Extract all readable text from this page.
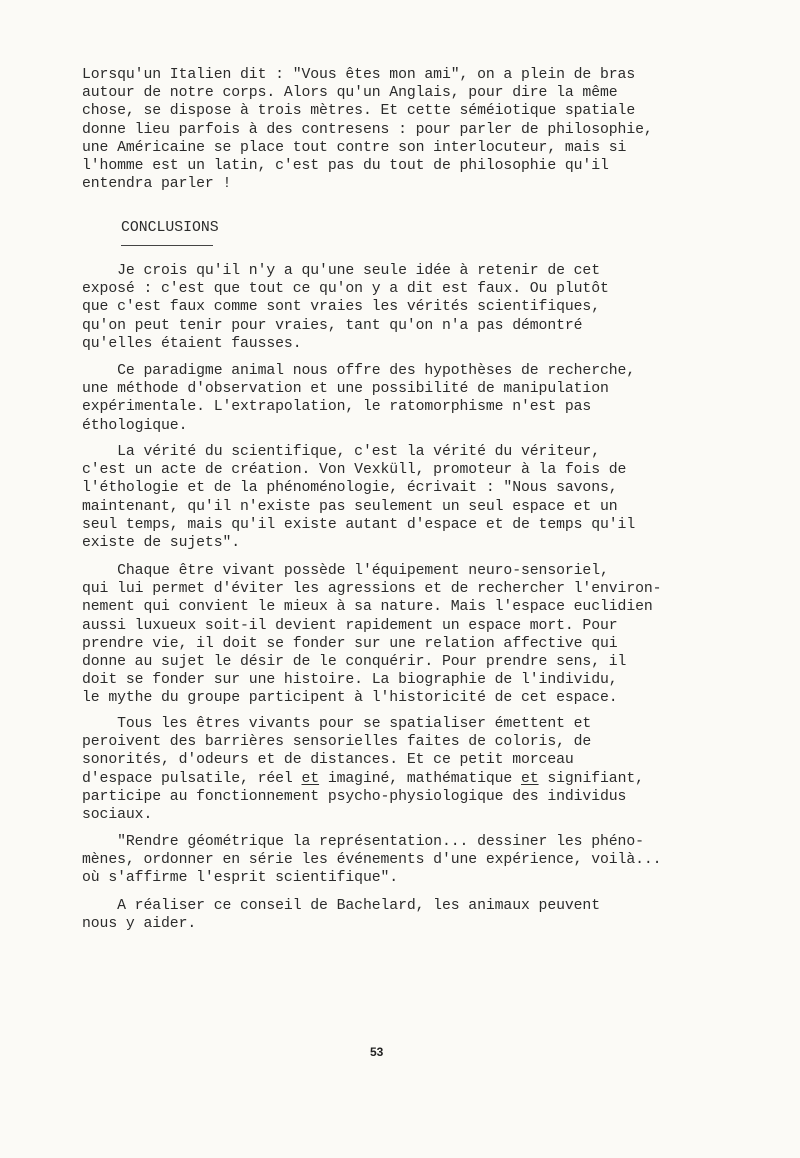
Lorsqu'un Italien dit : "Vous êtes mon ami", on a plein de bras
autour de notre corps. Alors qu'un Anglais, pour dire la même
chose, se dispose à trois mètres. Et cette séméiotique spatiale
donne lieu parfois à des contresens : pour parler de philosophie,
une Américaine se place tout contre son interlocuteur, mais si
l'homme est un latin, c'est pas du tout de philosophie qu'il
entendra parler !
CONCLUSIONS
Je crois qu'il n'y a qu'une seule idée à retenir de cet
exposé : c'est que tout ce qu'on y a dit est faux. Ou plutôt
que c'est faux comme sont vraies les vérités scientifiques,
qu'on peut tenir pour vraies, tant qu'on n'a pas démontré
qu'elles étaient fausses.
Ce paradigme animal nous offre des hypothèses de recherche,
une méthode d'observation et une possibilité de manipulation
expérimentale. L'extrapolation, le ratomorphisme n'est pas
éthologique.
La vérité du scientifique, c'est la vérité du vériteur,
c'est un acte de création. Von Vexküll, promoteur à la fois de
l'éthologie et de la phénoménologie, écrivait : "Nous savons,
maintenant, qu'il n'existe pas seulement un seul espace et un
seul temps, mais qu'il existe autant d'espace et de temps qu'il
existe de sujets".
Chaque être vivant possède l'équipement neuro-sensoriel,
qui lui permet d'éviter les agressions et de rechercher l'environ-
nement qui convient le mieux à sa nature. Mais l'espace euclidien
aussi luxueux soit-il devient rapidement un espace mort. Pour
prendre vie, il doit se fonder sur une relation affective qui
donne au sujet le désir de le conquérir. Pour prendre sens, il
doit se fonder sur une histoire. La biographie de l'individu,
le mythe du groupe participent à l'historicité de cet espace.
Tous les êtres vivants pour se spatialiser émettent et
peroivent des barrières sensorielles faites de coloris, de
sonorités, d'odeurs et de distances. Et ce petit morceau
d'espace pulsatile, réel et imaginé, mathématique et signifiant,
participe au fonctionnement psycho-physiologique des individus
sociaux.
"Rendre géométrique la représentation... dessiner les phéno-
mènes, ordonner en série les événements d'une expérience, voilà...
où s'affirme l'esprit scientifique".
A réaliser ce conseil de Bachelard, les animaux peuvent
nous y aider.
53
